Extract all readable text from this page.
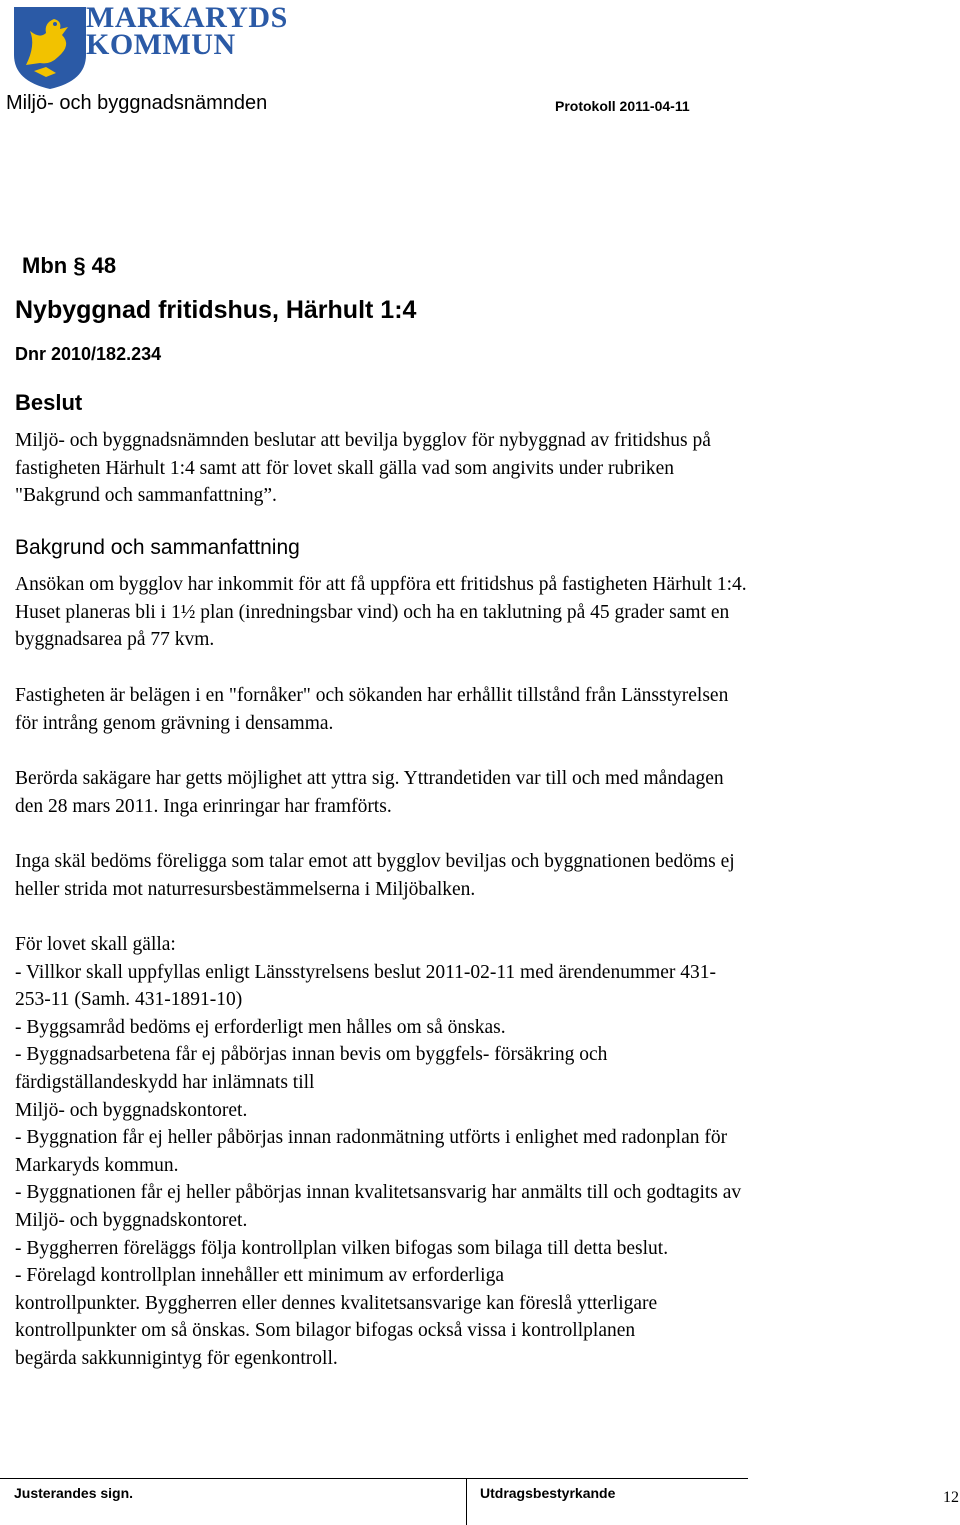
MARKARYDS
KOMMUN
Miljö- och byggnadsnämnden	Protokoll 2011-04-11
Mbn § 48
Nybyggnad fritidshus, Härhult 1:4
Dnr 2010/182.234
Beslut
Miljö- och byggnadsnämnden beslutar att bevilja bygglov för nybyggnad av fritidshus på
fastigheten Härhult 1:4 samt att för lovet skall gälla vad som angivits under rubriken
"Bakgrund och sammanfattning”.
Bakgrund och sammanfattning
Ansökan om bygglov har inkommit för att få uppföra ett fritidshus på fastigheten Härhult 1:4.
Huset planeras bli i 1½ plan (inredningsbar vind) och ha en taklutning på 45 grader samt en
byggnadsarea på 77 kvm.
Fastigheten är belägen i en "fornåker" och sökanden har erhållit tillstånd från Länsstyrelsen
för intrång genom grävning i densamma.
Berörda sakägare har getts möjlighet att yttra sig. Yttrandetiden var till och med måndagen
den 28 mars 2011. Inga erinringar har framförts.
Inga skäl bedöms föreligga som talar emot att bygglov beviljas och byggnationen bedöms ej
heller strida mot naturresursbestämmelserna i Miljöbalken.
För lovet skall gälla:
- Villkor skall uppfyllas enligt Länsstyrelsens beslut 2011-02-11 med ärendenummer 431-
253-11 (Samh. 431-1891-10)
- Byggsamråd bedöms ej erforderligt men hålles om så önskas.
- Byggnadsarbetena får ej påbörjas innan bevis om byggfels- försäkring och
färdigställandeskydd har inlämnats till
Miljö- och byggnadskontoret.
- Byggnation får ej heller påbörjas innan radonmätning utförts i enlighet med radonplan för
Markaryds kommun.
- Byggnationen får ej heller påbörjas innan kvalitetsansvarig har anmälts till och godtagits av
Miljö- och byggnadskontoret.
- Byggherren föreläggs följa kontrollplan vilken bifogas som bilaga till detta beslut.
- Förelagd kontrollplan innehåller ett minimum av erforderliga
kontrollpunkter. Byggherren eller dennes kvalitetsansvarige kan föreslå ytterligare
kontrollpunkter om så önskas. Som bilagor bifogas också vissa i kontrollplanen
begärda sakkunnigintyg för egenkontroll.
Justerandes sign.	Utdragsbestyrkande	12
